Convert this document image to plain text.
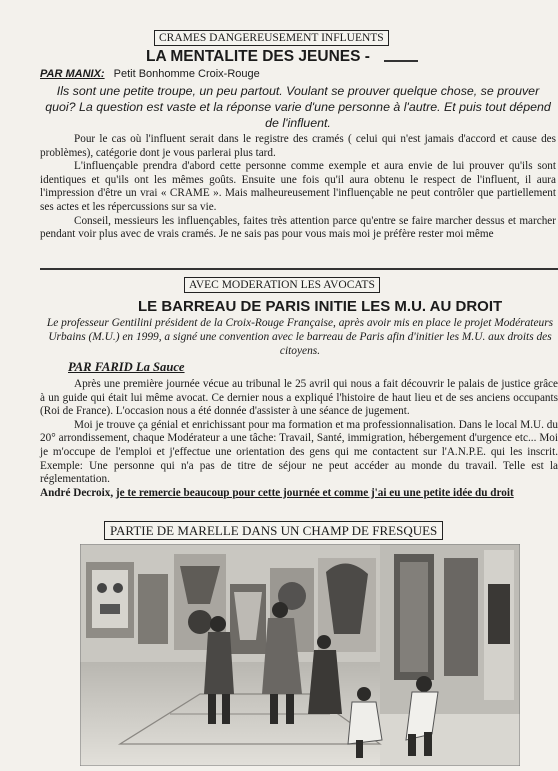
CRAMES DANGEREUSEMENT INFLUENTS
LA MENTALITE DES JEUNES -
PAR MANIX: Petit Bonhomme Croix-Rouge
Ils sont une petite troupe, un peu partout. Voulant se prouver quelque chose, se prouver quoi? La question est vaste et la réponse varie d'une personne à l'autre. Et puis tout dépend de l'influent.

Pour le cas où l'influent serait dans le registre des cramés ( celui qui n'est jamais d'accord et cause des problèmes), catégorie dont je vous parlerai plus tard.

L'influençable prendra d'abord cette personne comme exemple et aura envie de lui prouver qu'ils sont identiques et qu'ils ont les mêmes goûts. Ensuite une fois qu'il aura obtenu le respect de l'influent, il aura l'impression d'être un vrai « CRAME ». Mais malheureusement l'influençable ne peut contrôler que partiellement ses actes et les répercussions sur sa vie.

Conseil, messieurs les influençables, faites très attention parce qu'entre se faire marcher dessus et marcher pendant voir plus avec de vrais cramés. Je ne sais pas pour vous mais moi je préfère rester moi même

AVEC MODERATION LES AVOCATS
LE BARREAU DE PARIS INITIE LES M.U. AU DROIT
Le professeur Gentilini président de la Croix-Rouge Française, après avoir mis en place le projet Modérateurs Urbains (M.U.) en 1999, a signé une convention avec le barreau de Paris afin d'initier les M.U. aux droits des citoyens.
PAR FARID La Sauce

Après une première journée vécue au tribunal le 25 avril qui nous a fait découvrir le palais de justice grâce à un guide qui était lui même avocat. Ce dernier nous a expliqué l'histoire de haut lieu et de ses anciens occupants (Roi de France). L'occasion nous a été donnée d'assister à une séance de jugement.

Moi je trouve ça génial et enrichissant pour ma formation et ma professionnalisation. Dans le local M.U. du 20° arrondissement, chaque Modérateur a une tâche: Travail, Santé, immigration, hébergement d'urgence etc... Moi je m'occupe de l'emploi et j'effectue une orientation des gens qui me contactent sur l'A.N.P.E. qui les inscrit. Exemple: Une personne qui n'a pas de titre de séjour ne peut accéder au monde du travail. Telle est la réglementation.

André Decroix, je te remercie beaucoup pour cette journée et comme j'ai eu une petite idée du droit

PARTIE DE MARELLE DANS UN CHAMP DE FRESQUES
